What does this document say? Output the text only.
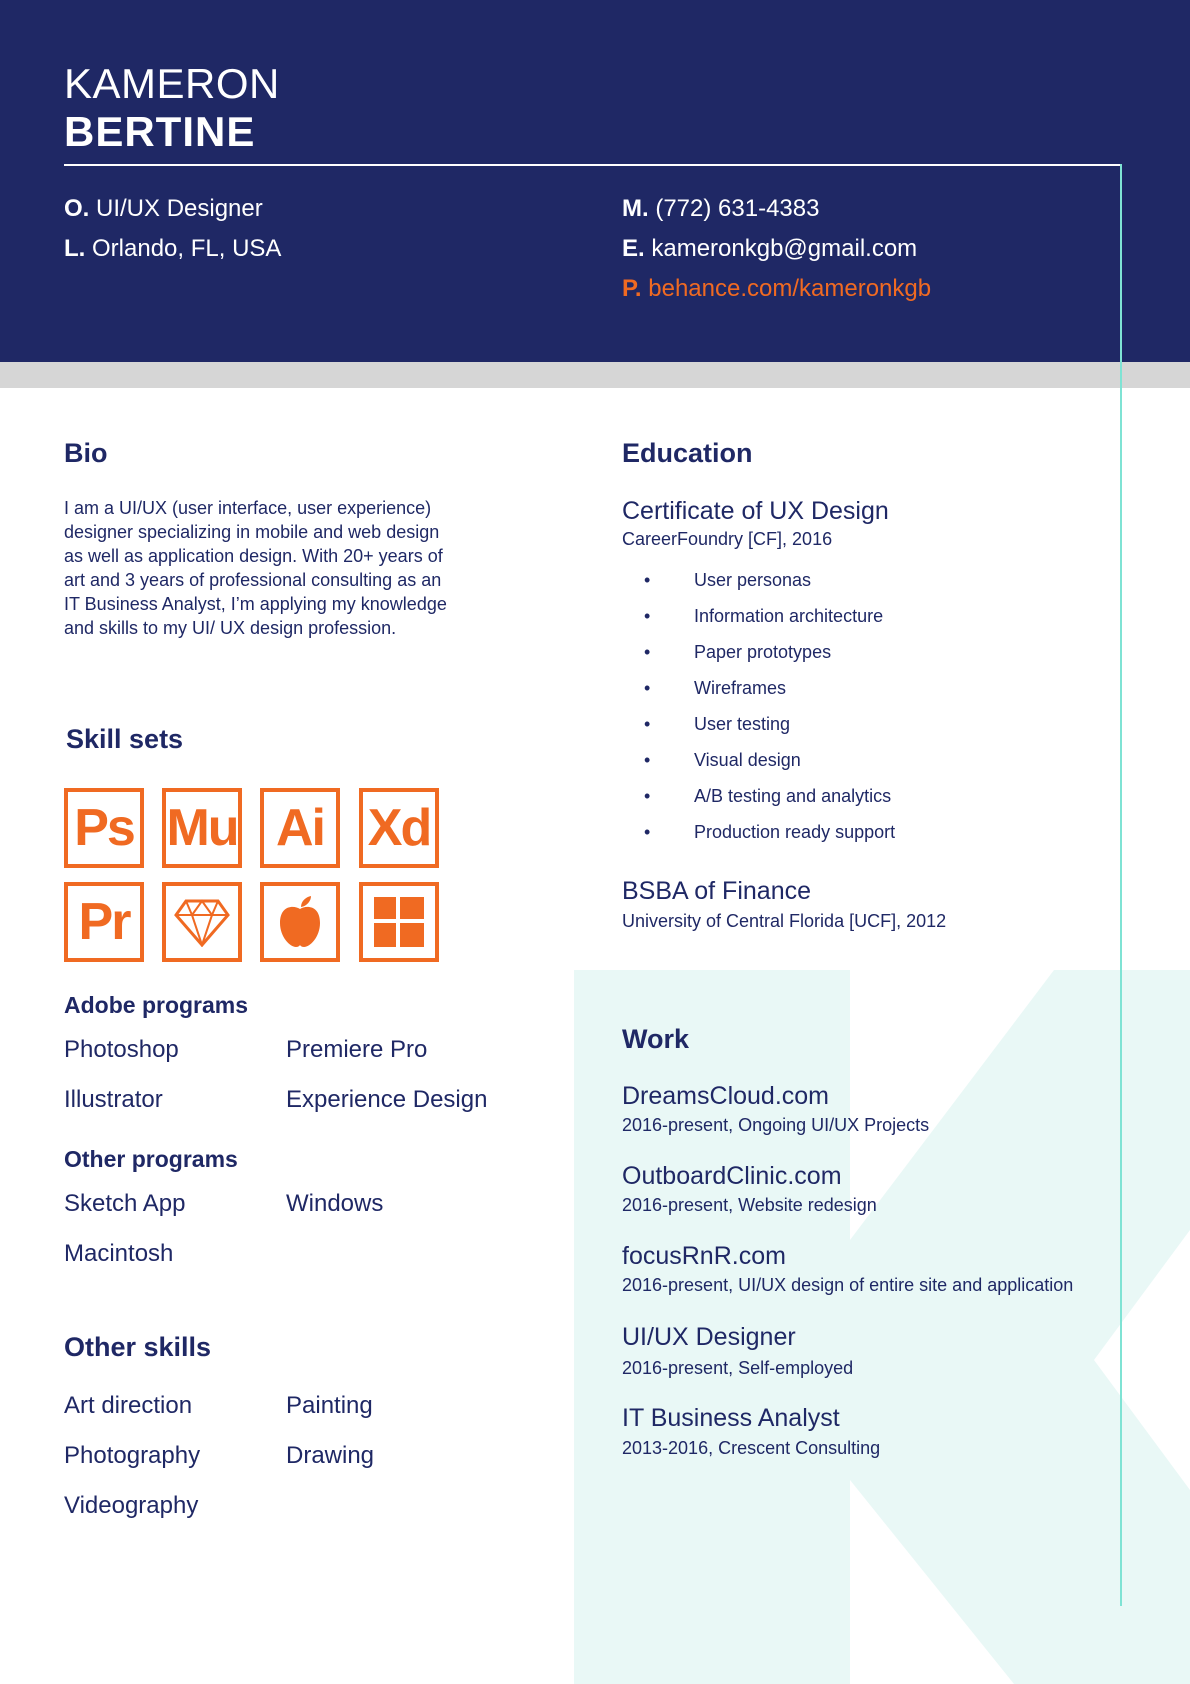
KAMERON
BERTINE
O. UI/UX Designer
L. Orlando, FL, USA
M. (772) 631-4383
E. kameronkgb@gmail.com
P. behance.com/kameronkgb
Bio
I am a UI/UX (user interface, user experience) designer specializing in mobile and web design as well as application design. With 20+ years of art and 3 years of professional consulting as an IT Business Analyst, I’m applying my knowledge and skills to my UI/ UX design profession.
Skill sets
Ps Mu Ai Xd
Pr
Adobe programs
Photoshop	Premiere Pro
Illustrator	Experience Design
Other programs
Sketch App	Windows
Macintosh
Other skills
Art direction	Painting
Photography	Drawing
Videography
Education
Certificate of UX Design
CareerFoundry [CF], 2016
• User personas
• Information architecture
• Paper prototypes
• Wireframes
• User testing
• Visual design
• A/B testing and analytics
• Production ready support
BSBA of Finance
University of Central Florida [UCF], 2012
Work
DreamsCloud.com
2016-present, Ongoing UI/UX Projects
OutboardClinic.com
2016-present, Website redesign
focusRnR.com
2016-present, UI/UX design of entire site and application
UI/UX Designer
2016-present, Self-employed
IT Business Analyst
2013-2016, Crescent Consulting
